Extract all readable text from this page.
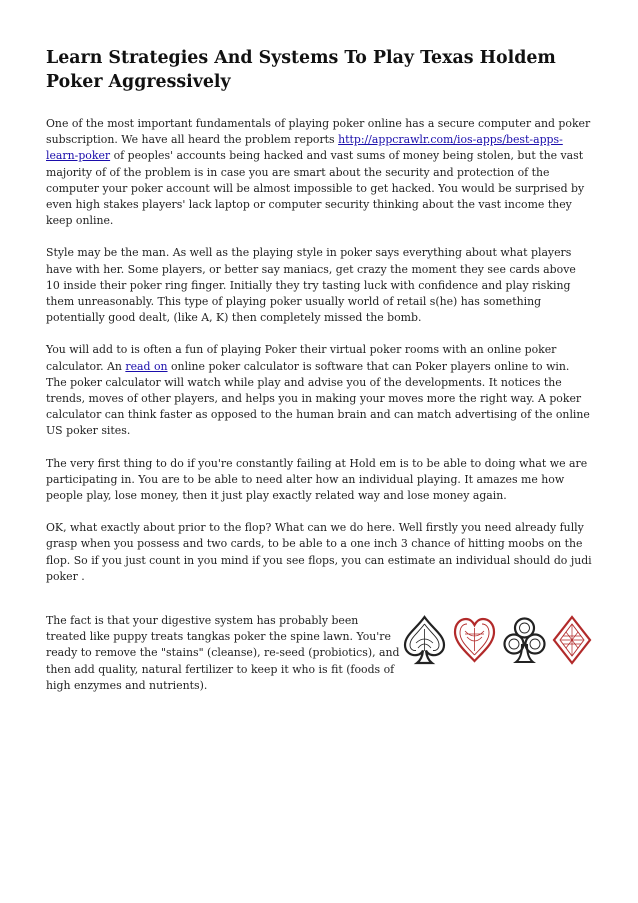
Learn Strategies And Systems To Play Texas Holdem Poker Aggressively

One of the most important fundamentals of playing poker online has a secure computer and poker subscription. We have all heard the problem reports http://appcrawlr.com/ios-apps/best-apps-learn-poker of peoples' accounts being hacked and vast sums of money being stolen, but the vast majority of of the problem is in case you are smart about the security and protection of the computer your poker account will be almost impossible to get hacked. You would be surprised by even high stakes players' lack laptop or computer security thinking about the vast income they keep online.

Style may be the man. As well as the playing style in poker says everything about what players have with her. Some players, or better say maniacs, get crazy the moment they see cards above 10 inside their poker ring finger. Initially they try tasting luck with confidence and play risking them unreasonably. This type of playing poker usually world of retail s(he) has something potentially good dealt, (like A, K) then completely missed the bomb.

You will add to is often a fun of playing Poker their virtual poker rooms with an online poker calculator. An read on online poker calculator is software that can Poker players online to win. The poker calculator will watch while play and advise you of the developments. It notices the trends, moves of other players, and helps you in making your moves more the right way. A poker calculator can think faster as opposed to the human brain and can match advertising of the online US poker sites.

The very first thing to do if you're constantly failing at Hold em is to be able to doing what we are participating in. You are to be able to need alter how an individual playing. It amazes me how people play, lose money, then it just play exactly related way and lose money again.

OK, what exactly about prior to the flop? What can we do here. Well firstly you need already fully grasp when you possess and two cards, to be able to a one inch 3 chance of hitting moobs on the flop. So if you just count in you mind if you see flops, you can estimate an individual should do judi poker .

The fact is that your digestive system has probably been treated like puppy treats tangkas poker the spine lawn. You're ready to remove the "stains" (cleanse), re-seed (probiotics), and then add quality, natural fertilizer to keep it who is fit (foods of high enzymes and nutrients).
